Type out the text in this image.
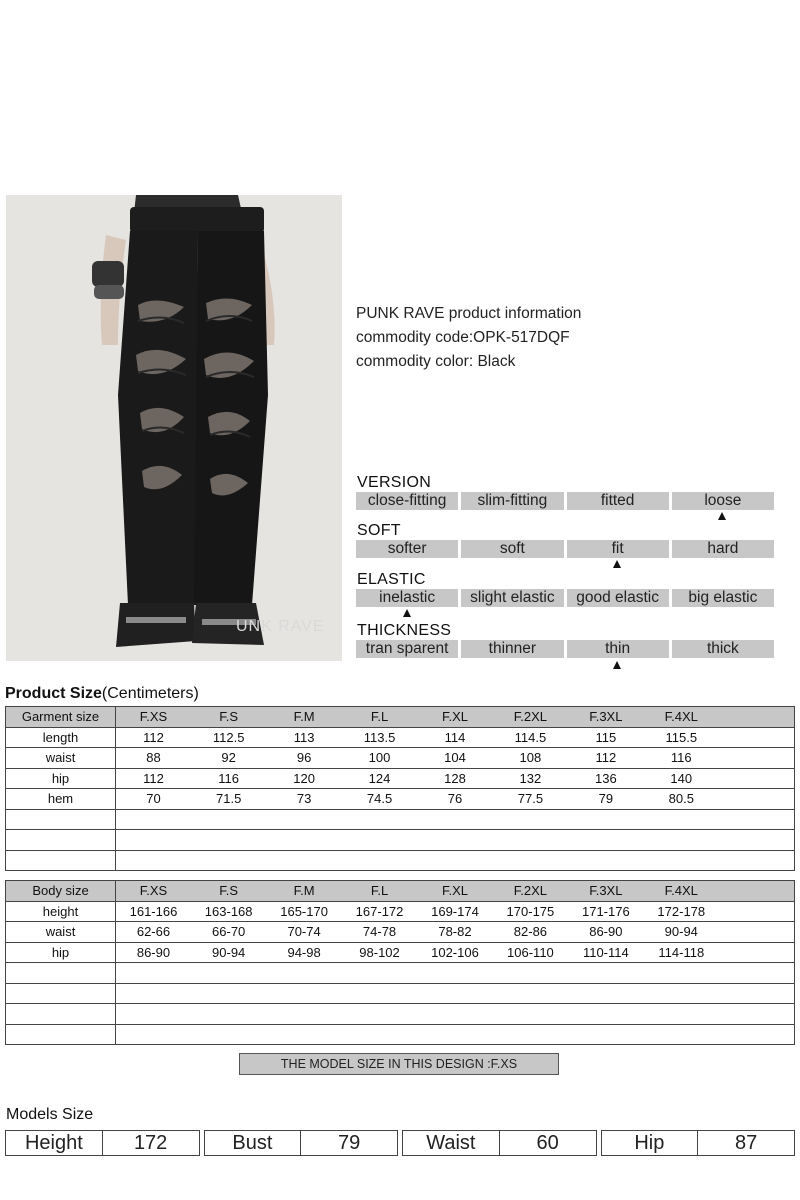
UNK RAVE
PUNK RAVE product information
commodity code:OPK-517DQF
commodity color: Black
VERSION
close-fitting	slim-fitting	fitted	loose
SOFT
softer	soft	fit	hard
ELASTIC
inelastic	slight elastic	good elastic	big elastic
THICKNESS
tran sparent	thinner	thin	thick
Product Size(Centimeters)
Garment size	F.XS	F.S	F.M	F.L	F.XL	F.2XL	F.3XL	F.4XL	
length	112	112.5	113	113.5	114	114.5	115	115.5	
waist	88	92	96	100	104	108	112	116	
hip	112	116	120	124	128	132	136	140	
hem	70	71.5	73	74.5	76	77.5	79	80.5	

Body size	F.XS	F.S	F.M	F.L	F.XL	F.2XL	F.3XL	F.4XL	
height	161-166	163-168	165-170	167-172	169-174	170-175	171-176	172-178	
waist	62-66	66-70	70-74	74-78	78-82	82-86	86-90	90-94	
hip	86-90	90-94	94-98	98-102	102-106	106-110	110-114	114-118	

THE MODEL SIZE IN THIS DESIGN :F.XS
Models Size
Height	172	Bust	79	Waist	60	Hip	87
